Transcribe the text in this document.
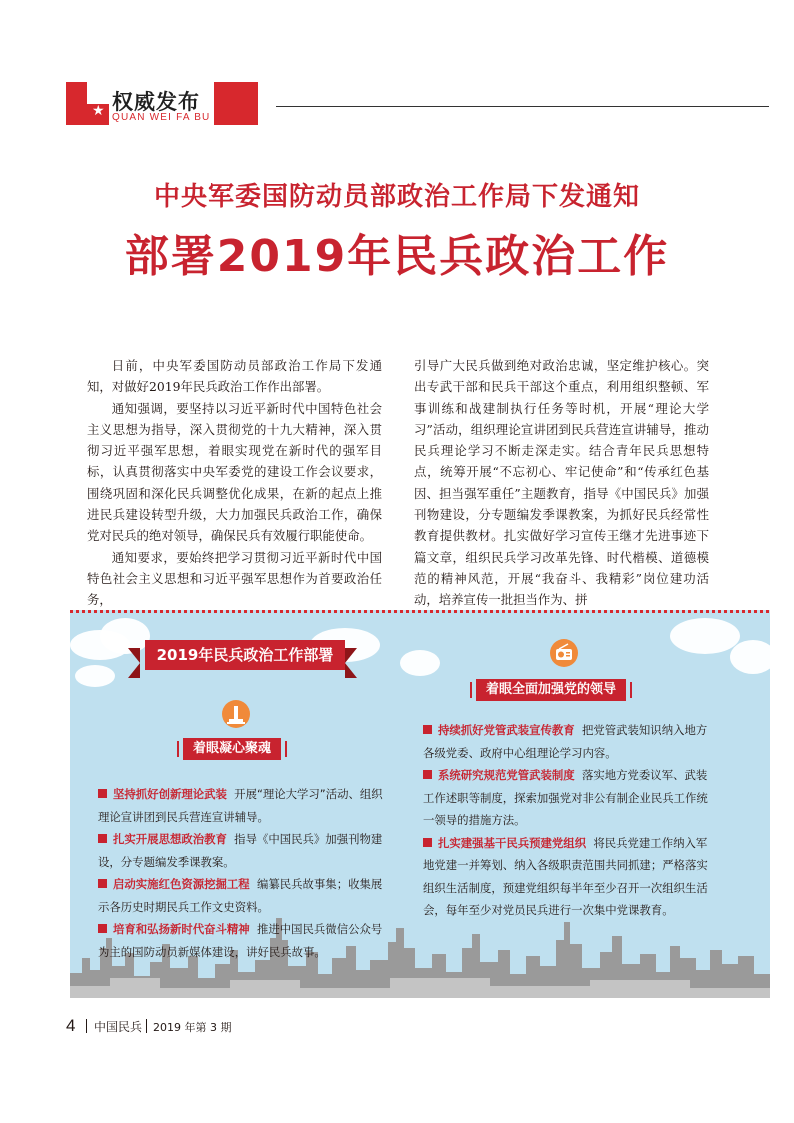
★ 权威发布
QUAN WEI FA BU
中央军委国防动员部政治工作局下发通知
部署2019年民兵政治工作

日前，中央军委国防动员部政治工作局下发通知，对做好2019年民兵政治工作作出部署。

通知强调，要坚持以习近平新时代中国特色社会主义思想为指导，深入贯彻党的十九大精神，深入贯彻习近平强军思想，着眼实现党在新时代的强军目标，认真贯彻落实中央军委党的建设工作会议要求，围绕巩固和深化民兵调整优化成果，在新的起点上推进民兵建设转型升级，大力加强民兵政治工作，确保党对民兵的绝对领导，确保民兵有效履行职能使命。

通知要求，要始终把学习贯彻习近平新时代中国特色社会主义思想和习近平强军思想作为首要政治任务，

引导广大民兵做到绝对政治忠诚，坚定维护核心。突出专武干部和民兵干部这个重点，利用组织整顿、军事训练和战建制执行任务等时机，开展“理论大学习”活动，组织理论宣讲团到民兵营连宣讲辅导，推动民兵理论学习不断走深走实。结合青年民兵思想特点，统筹开展“不忘初心、牢记使命”和“传承红色基因、担当强军重任”主题教育，指导《中国民兵》加强刊物建设，分专题编发季课教案，为抓好民兵经常性教育提供教材。扎实做好学习宣传王继才先进事迹下篇文章，组织民兵学习改革先锋、时代楷模、道德模范的精神风范，开展“我奋斗、我精彩”岗位建功活动，培养宣传一批担当作为、拼

2019年民兵政治工作部署
着眼凝心聚魂
着眼全面加强党的领导
坚持抓好创新理论武装 开展“理论大学习”活动、组织理论宣讲团到民兵营连宣讲辅导。
扎实开展思想政治教育 指导《中国民兵》加强刊物建设，分专题编发季课教案。
启动实施红色资源挖掘工程 编纂民兵故事集；收集展示各历史时期民兵工作文史资料。
培育和弘扬新时代奋斗精神 推进中国民兵微信公众号为主的国防动员新媒体建设，讲好民兵故事。
持续抓好党管武装宣传教育 把党管武装知识纳入地方各级党委、政府中心组理论学习内容。
系统研究规范党管武装制度 落实地方党委议军、武装工作述职等制度，探索加强党对非公有制企业民兵工作统一领导的措施方法。
扎实建强基干民兵预建党组织 将民兵党建工作纳入军地党建一并筹划、纳入各级职责范围共同抓建；严格落实组织生活制度，预建党组织每半年至少召开一次组织生活会，每年至少对党员民兵进行一次集中党课教育。
4 中国民兵 2019 年第 3 期
